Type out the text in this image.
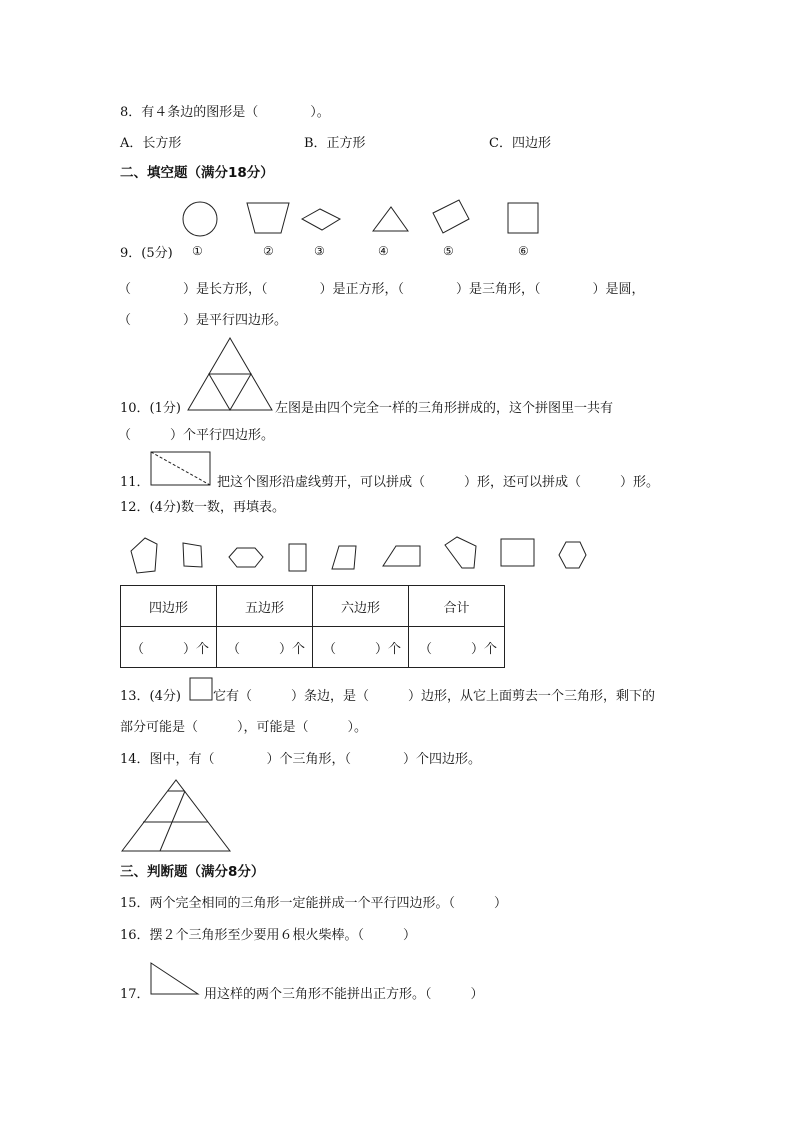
8．有４条边的图形是（　　　　）。
A．长方形	B．正方形	C．四边形
二、填空题（满分18分）
9．(5分) ①	②	③	④	⑤	⑥
（　　　　）是长方形，（　　　　）是正方形，（　　　　）是三角形，（　　　　）是圆，
（　　　　）是平行四边形。
10．(1分)	左图是由四个完全一样的三角形拼成的，这个拼图里一共有
（　　　）个平行四边形。
11．	把这个图形沿虚线剪开，可以拼成（　　　）形，还可以拼成（　　　）形。
12．(4分)数一数，再填表。
四边形	五边形	六边形	合计
（　　　）个	（　　　）个	（　　　）个	（　　　）个
13．(4分) 它有（　　　）条边，是（　　　）边形，从它上面剪去一个三角形，剩下的
部分可能是（　　　），可能是（　　　）。
14．图中，有（　　　　）个三角形，（　　　　）个四边形。
三、判断题（满分8分）
15．两个完全相同的三角形一定能拼成一个平行四边形。（　　　）
16．摆２个三角形至少要用６根火柴棒。（　　　）
17．	用这样的两个三角形不能拼出正方形。（　　　）
